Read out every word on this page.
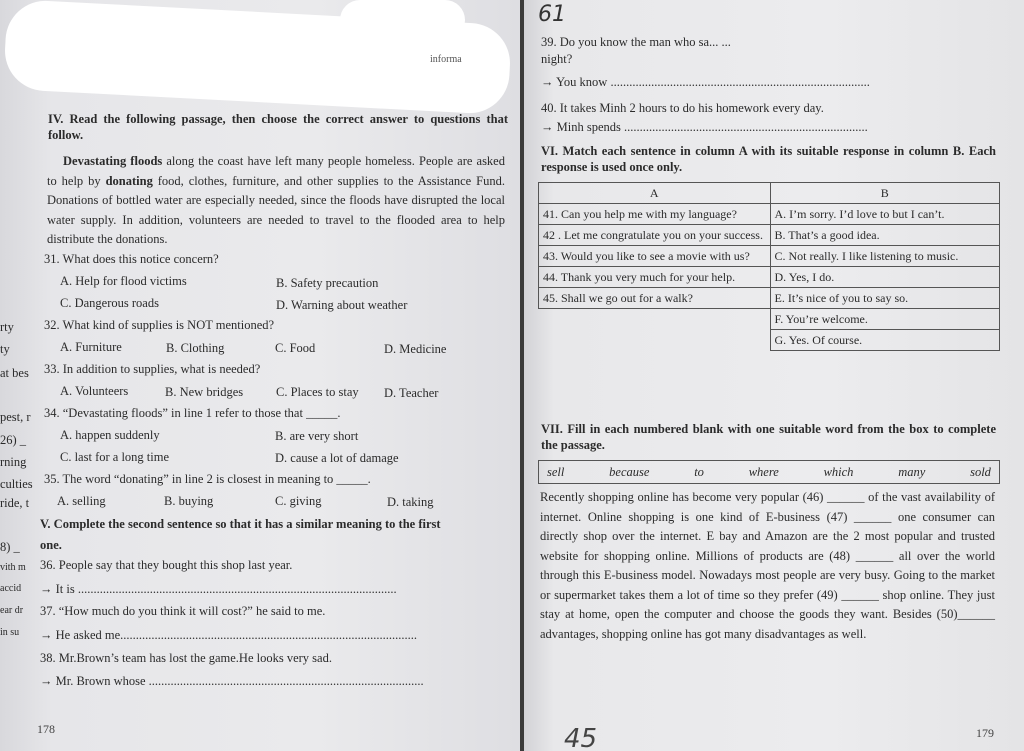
informa
IV. Read the following passage, then choose the correct answer to questions that follow.
Devastating floods along the coast have left many people homeless. People are asked to help by donating food, clothes, furniture, and other supplies to the Assistance Fund. Donations of bottled water are especially needed, since the floods have disrupted the local water supply. In addition, volunteers are needed to travel to the flooded area to help distribute the donations.
31. What does this notice concern?
A. Help for flood victims	B. Safety precaution
C. Dangerous roads	D. Warning about weather
32. What kind of supplies is NOT mentioned?
A. Furniture	B. Clothing	C. Food	D. Medicine
33. In addition to supplies, what is needed?
A. Volunteers	B. New bridges	C. Places to stay D. Teacher
34. “Devastating floods” in line 1 refer to those that _____.
A. happen suddenly	B. are very short
C. last for a long time	D. cause a lot of damage
35. The word “donating” in line 2 is closest in meaning to _____.
A. selling	B. buying	C. giving	D. taking
V. Complete the second sentence so that it has a similar meaning to the first
one.
36. People say that they bought this shop last year.
→ It is ......................................................................................................
37. “How much do you think it will cost?” he said to me.
→ He asked me...............................................................................................
38. Mr.Brown’s team has lost the game.He looks very sad.
→ Mr. Brown whose ........................................................................................
rty
ty
at bes
pest, r
26) _
rning
culties
ride, t
8) _
vith m
accid
ear dr
in su
178
61
39. Do you know the man who sa... ...
night?
→ You know ...................................................................................
40. It takes Minh 2 hours to do his homework every day.
→ Minh spends ..............................................................................
VI. Match each sentence in column A with its suitable response in column B. Each response is used once only.
A	B
41. Can you help me with my language?	A. I’m sorry. I’d love to but I can’t.
42 . Let me congratulate you on your success.	B. That’s a good idea.
43. Would you like to see a movie with us?	C. Not really. I like listening to music.
44. Thank you very much for your help.	D. Yes, I do.
45. Shall we go out for a walk?	E. It’s nice of you to say so.
	F. You’re welcome.
	G. Yes. Of course.
VII. Fill in each numbered blank with one suitable word from the box to complete the passage.
sell	because	to	where	which	many	sold
Recently shopping online has become very popular (46) ______ of the vast availability of internet. Online shopping is one kind of E-business (47) ______ one consumer can directly shop over the internet. E bay and Amazon are the 2 most popular and trusted website for shopping online. Millions of products are (48) ______ all over the world through this E-business model. Nowadays most people are very busy. Going to the market or supermarket takes them a lot of time so they prefer (49) ______ shop online. They just stay at home, open the computer and choose the goods they want. Besides (50)______ advantages, shopping online has got many disadvantages as well.
45	179
